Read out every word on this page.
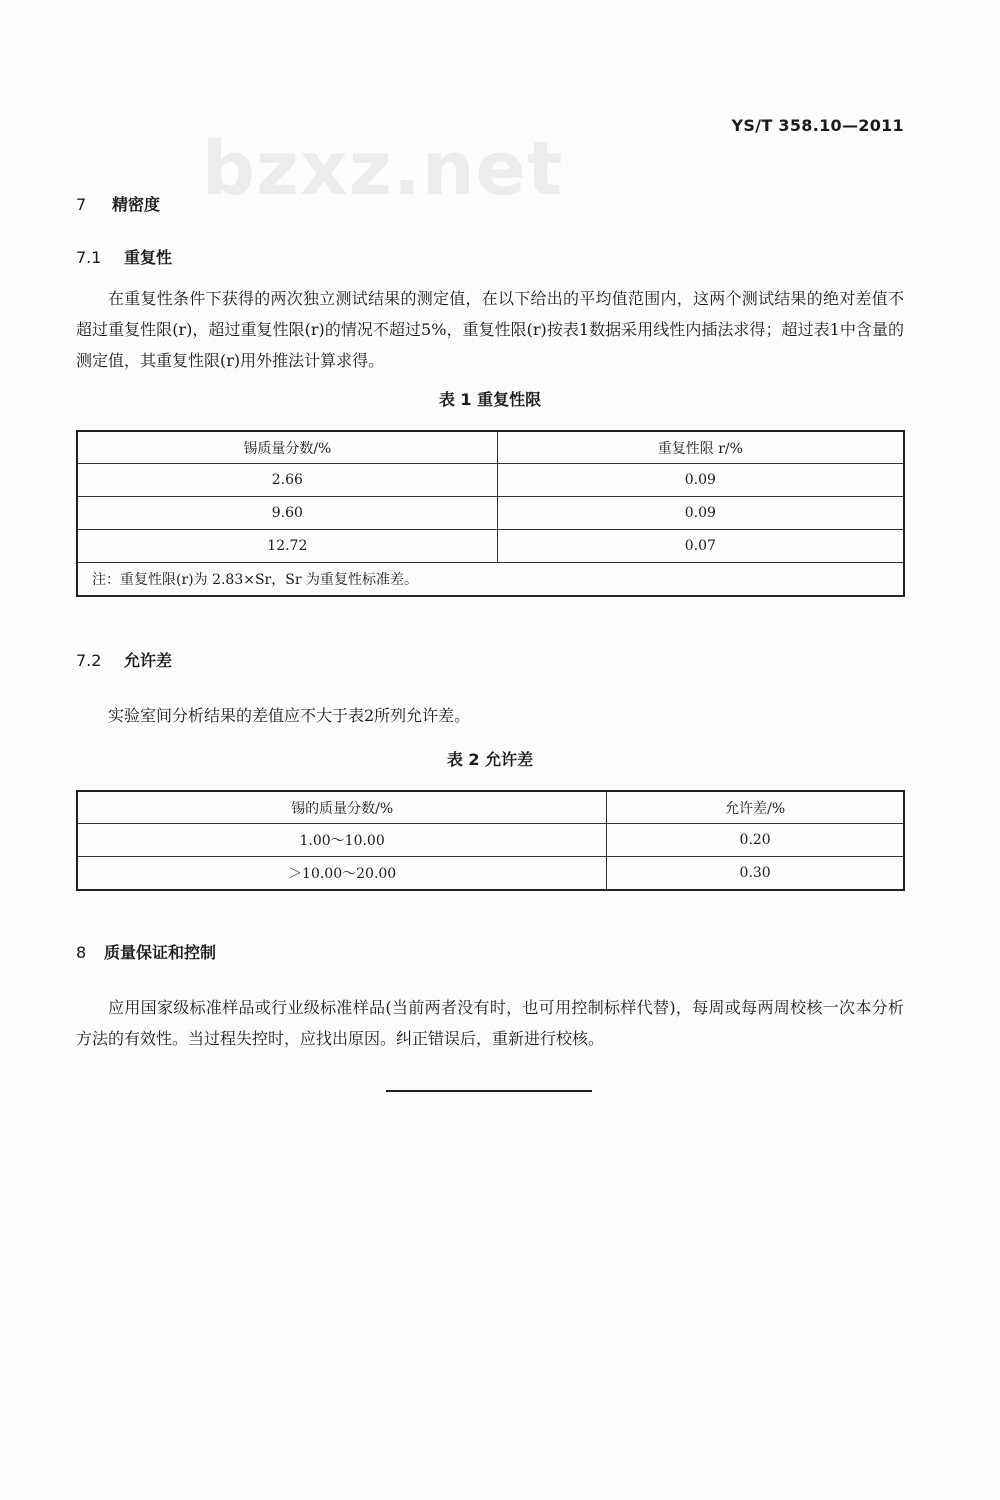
YS/T 358.10—2011
bzxz.net
7 精密度
7.1 重复性
在重复性条件下获得的两次独立测试结果的测定值，在以下给出的平均值范围内，这两个测试结果的绝对差值不超过重复性限(r)，超过重复性限(r)的情况不超过5%，重复性限(r)按表1数据采用线性内插法求得；超过表1中含量的测定值，其重复性限(r)用外推法计算求得。
表 1 重复性限
锡质量分数/%	重复性限 r/%
2.66	0.09
9.60	0.09
12.72	0.07
注：重复性限(r)为 2.83×Sr，Sr 为重复性标准差。	
7.2 允许差
实验室间分析结果的差值应不大于表2所列允许差。
表 2 允许差
锡的质量分数/%	允许差/%
1.00～10.00	0.20
＞10.00～20.00	0.30
8 质量保证和控制
应用国家级标准样品或行业级标准样品(当前两者没有时，也可用控制标样代替)，每周或每两周校核一次本分析方法的有效性。当过程失控时，应找出原因。纠正错误后，重新进行校核。
